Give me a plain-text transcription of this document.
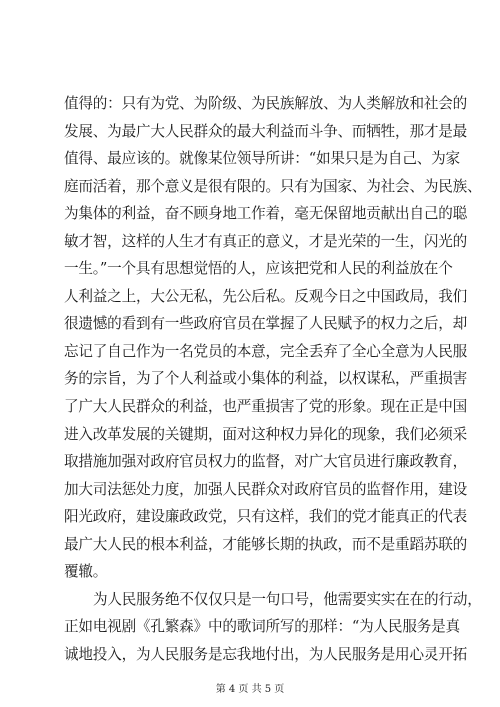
值得的：只有为党、为阶级、为民族解放、为人类解放和社会的
发展、为最广大人民群众的最大利益而斗争、而牺牲，那才是最
值得、最应该的。就像某位领导所讲：“如果只是为自己、为家
庭而活着，那个意义是很有限的。只有为国家、为社会、为民族、
为集体的利益，奋不顾身地工作着，毫无保留地贡献出自己的聪
敏才智，这样的人生才有真正的意义，才是光荣的一生，闪光的
一生。”一个具有思想觉悟的人，应该把党和人民的利益放在个
人利益之上，大公无私，先公后私。反观今日之中国政局，我们
很遗憾的看到有一些政府官员在掌握了人民赋予的权力之后，却
忘记了自己作为一名党员的本意，完全丢弃了全心全意为人民服
务的宗旨，为了个人利益或小集体的利益，以权谋私，严重损害
了广大人民群众的利益，也严重损害了党的形象。现在正是中国
进入改革发展的关键期，面对这种权力异化的现象，我们必须采
取措施加强对政府官员权力的监督，对广大官员进行廉政教育，
加大司法惩处力度，加强人民群众对政府官员的监督作用，建设
阳光政府，建设廉政政党，只有这样，我们的党才能真正的代表
最广大人民的根本利益，才能够长期的执政，而不是重蹈苏联的
覆辙。
为人民服务绝不仅仅只是一句口号，他需要实实在在的行动，
正如电视剧《孔繁森》中的歌词所写的那样：“为人民服务是真
诚地投入，为人民服务是忘我地付出，为人民服务是用心灵开拓
第 4 页 共 5 页
